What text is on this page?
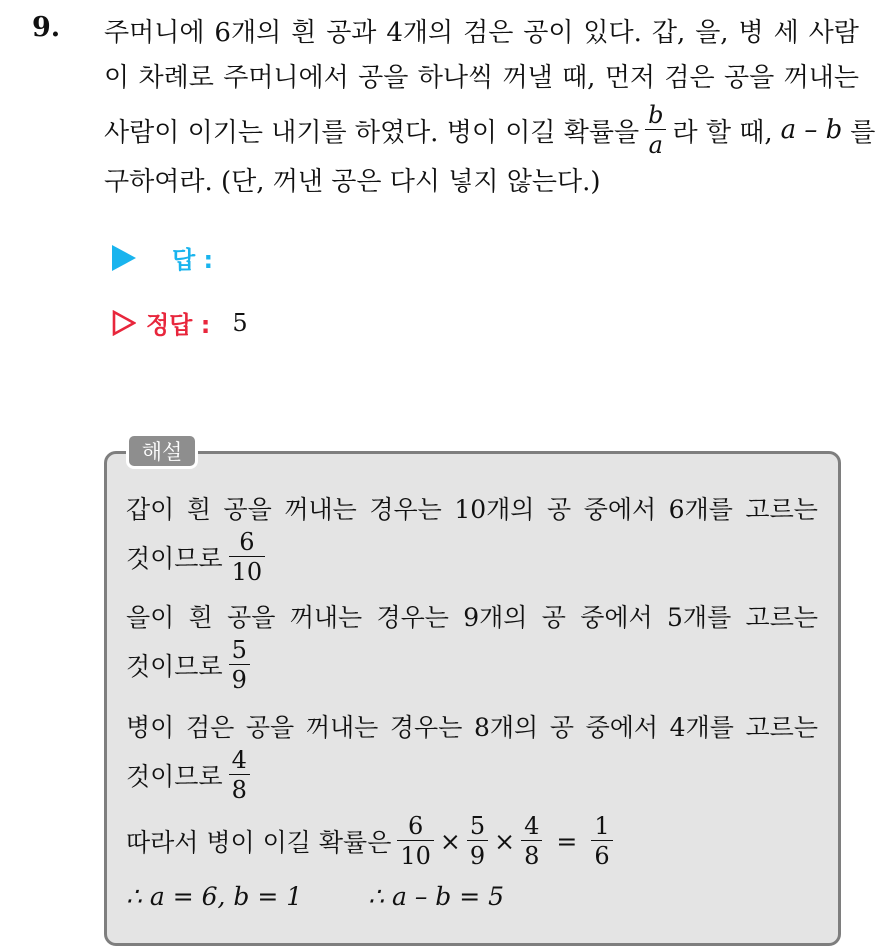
9. 주머니에 6개의 흰 공과 4개의 검은 공이 있다. 갑, 을, 병 세 사람
이 차례로 주머니에서 공을 하나씩 꺼낼 때, 먼저 검은 공을 꺼내는
사람이 이기는 내기를 하였다. 병이 이길 확률을 $\frac{b}{a}$ 라 할 때, a – b 를
구하여라. (단, 꺼낸 공은 다시 넣지 않는다.)
답 :
정답 : 5
해설
갑이 흰 공을 꺼내는 경우는 10개의 공 중에서 6개를 고르는
것이므로 $\frac{6}{10}$
을이 흰 공을 꺼내는 경우는 9개의 공 중에서 5개를 고르는
것이므로 $\frac{5}{9}$
병이 검은 공을 꺼내는 경우는 8개의 공 중에서 4개를 고르는
것이므로 $\frac{4}{8}$
따라서 병이 이길 확률은 $\frac{6}{10} \times \frac{5}{9} \times \frac{4}{8} = \frac{1}{6}$
∴ a = 6, b = 1	∴ a – b = 5
